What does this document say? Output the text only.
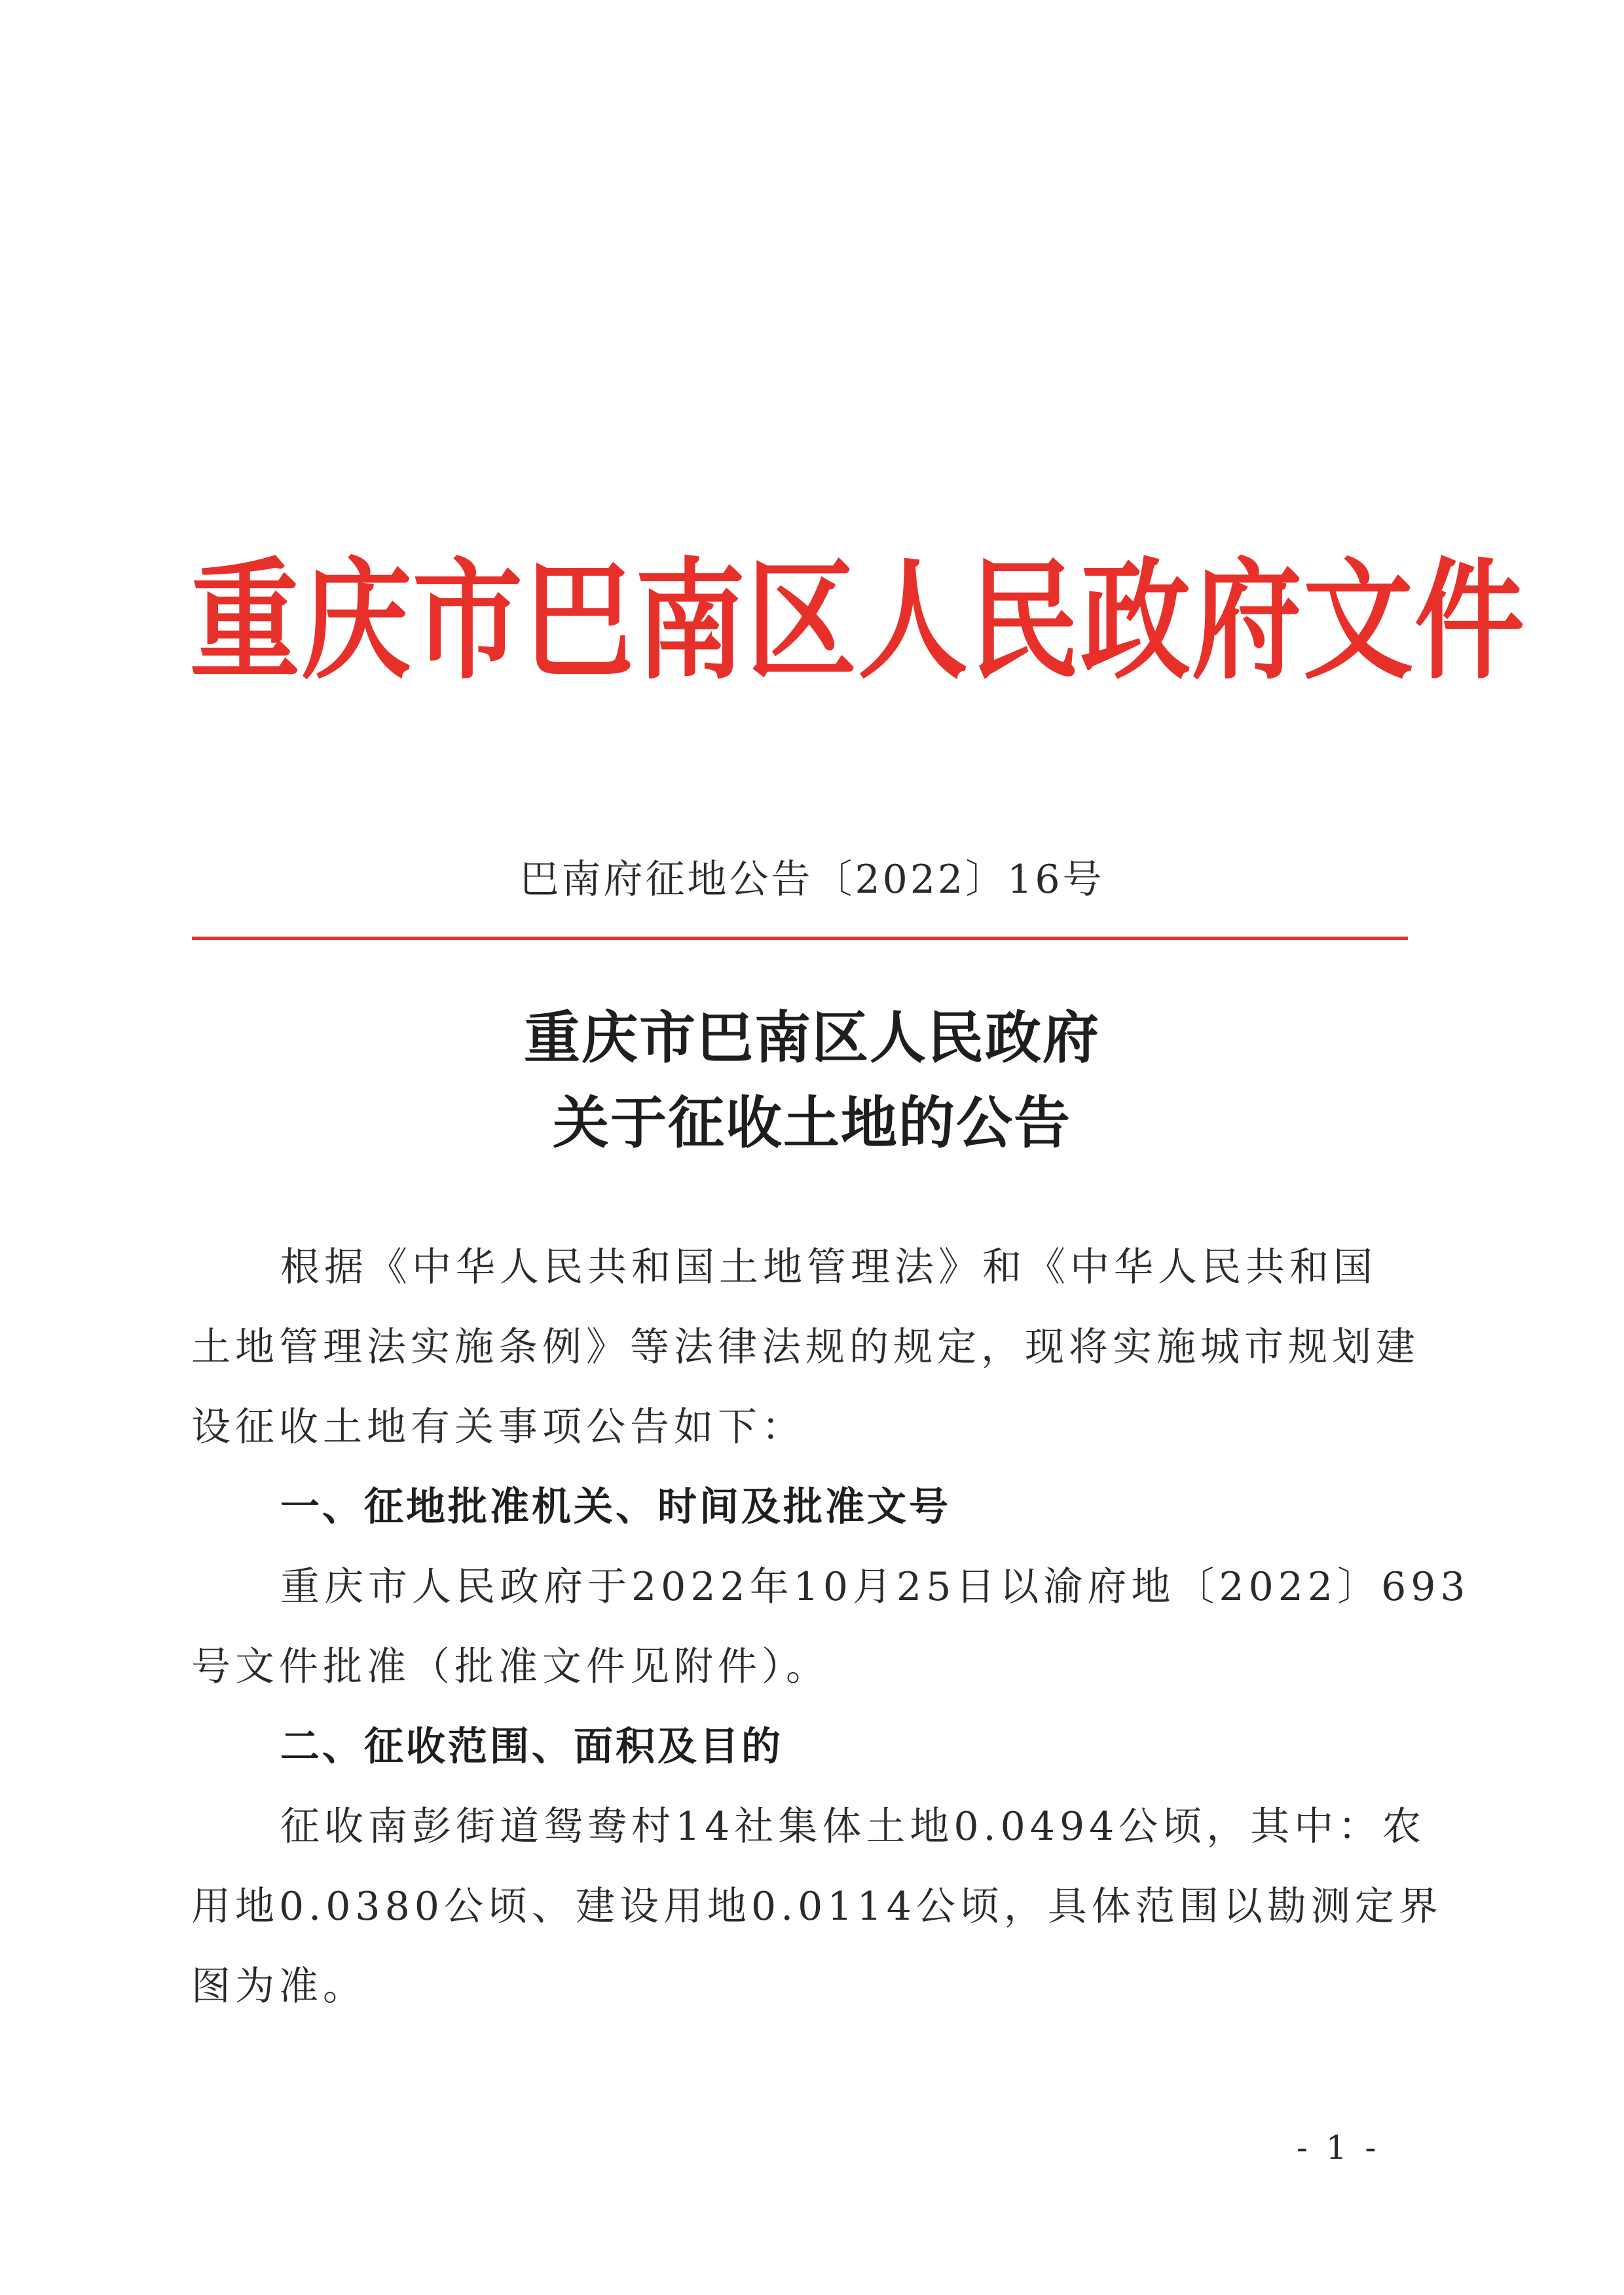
重庆市巴南区人民政府文件
巴南府征地公告〔2022〕16号
重庆市巴南区人民政府
关于征收土地的公告
根据《中华人民共和国土地管理法》和《中华人民共和国
土地管理法实施条例》等法律法规的规定，现将实施城市规划建
设征收土地有关事项公告如下：
一、征地批准机关、时间及批准文号
重庆市人民政府于2022年10月25日以渝府地〔2022〕693
号文件批准（批准文件见附件）。
二、征收范围、面积及目的
征收南彭街道鸳鸯村14社集体土地0.0494公顷，其中：农
用地0.0380公顷、建设用地0.0114公顷，具体范围以勘测定界
图为准。
- 1 -
